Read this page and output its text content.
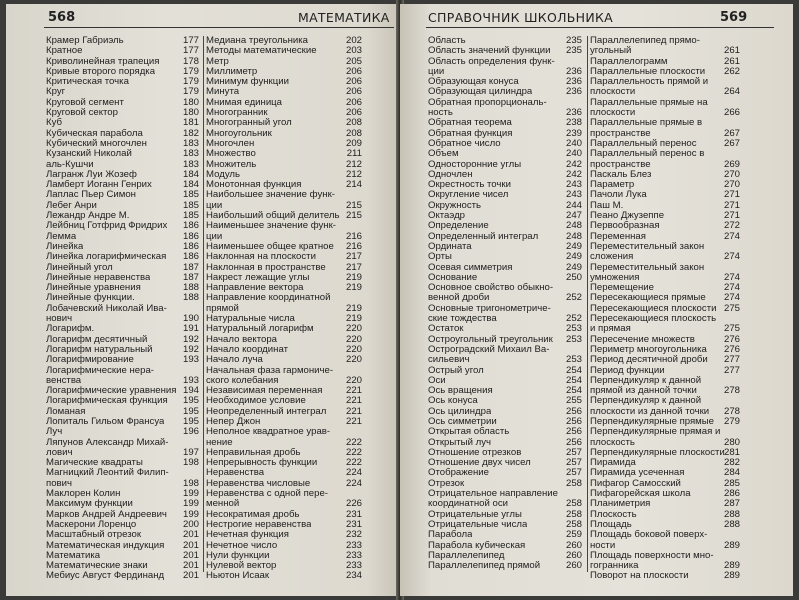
568	МАТЕМАТИКА
Крамер Габриэль	177
Кратное	177
Криволинейная трапеция 178
Кривые второго порядка	179
Критическая точка	179
Круг	179
Круговой сегмент	180
Круговой сектор	180
Куб	181
Кубическая парабола	182
Кубический многочлен	183
Кузанский Николай	183
аль-Кушчи	183
Лагранж Луи Жозеф	184
Ламберт Иоганн Генрих	184
Лаплас Пьер Симон	185
Лебег Анри	185
Лежандр Андре М.	185
Лейбниц Готфрид Фридрих 186
Лемма	186
Линейка	186
Линейка логарифмическая 186
Линейный угол	187
Линейные неравенства	187
Линейные уравнения	188
Линейные функции.	188
Лобачевский Николай Ива-
нович	190
Логарифм.	191
Логарифм десятичный	192
Логарифм натуральный	192
Логарифмирование	193
Логарифмические нера-
венства	193
Логарифмические уравнения 194
Логарифмическая функция 195
Ломаная	195
Лопиталь Гильом Франсуа 195
Луч	196
Ляпунов Александр Михай-
лович	197
Магические квадраты	198
Магницкий Леонтий Филип-
пович	198
Маклорен Колин	199
Максимум функции	199
Марков Андрей Андреевич 199
Маскерони Лоренцо	200
Масштабный отрезок	201
Математическая индукция 201
Математика	201
Математические знаки	201
Мебиус Август Фердинанд 201
Медиана треугольника	202
Методы математические	203
Метр	205
Миллиметр	206
Минимум функции	206
Минута	206
Мнимая единица	206
Многогранник	206
Многогранный угол	208
Многоугольник	208
Многочлен	209
Множество	211
Множитель	212
Модуль	212
Монотонная функция	214
Наибольшее значение функ-
ции	215
Наибольший общий делитель 215
Наименьшее значение функ-
ции	216
Наименьшее общее кратное 216
Наклонная на плоскости	217
Наклонная в пространстве 217
Накрест лежащие углы	219
Направление вектора	219
Направление координатной
прямой	219
Натуральные числа	219
Натуральный логарифм	220
Начало вектора	220
Начало координат	220
Начало луча	220
Начальная фаза гармониче-
ского колебания	220
Независимая переменная 221
Необходимое условие	221
Неопределенный интеграл 221
Непер Джон	221
Неполное квадратное урав-
нение	222
Неправильная дробь	222
Непрерывность функции	222
Неравенства	224
Неравенства числовые	224
Неравенства с одной пере-
менной	226
Несократимая дробь	231
Нестрогие неравенства	231
Нечетная функция	232
Нечетное число	233
Нули функции	233
Нулевой вектор	233
Ньютон Исаак	234
СПРАВОЧНИК ШКОЛЬНИКА	569
Область	235
Область значений функции 235
Область определения функ-
ции	236
Образующая конуса	236
Образующая цилиндра	236
Обратная пропорциональ-
ность	236
Обратная теорема	238
Обратная функция	239
Обратное число	240
Объем	240
Односторонние углы	242
Одночлен	242
Окрестность точки	243
Округление чисел	243
Окружность	244
Октаэдр	247
Определение	248
Определенный интеграл	248
Ордината	249
Орты	249
Осевая симметрия	249
Основание	250
Основное свойство обыкно-
венной дроби	252
Основные тригонометриче-
ские тождества	252
Остаток	253
Остроугольный треугольник 253
Остроградский Михаил Ва-
сильевич	253
Острый угол	254
Оси	254
Ось вращения	254
Ось конуса	255
Ось цилиндра	256
Ось симметрии	256
Открытая область	256
Открытый луч	256
Отношение отрезков	257
Отношение двух чисел	257
Отображение	257
Отрезок	258
Отрицательное направление
координатной оси	258
Отрицательные углы	258
Отрицательные числа	258
Парабола	259
Парабола кубическая	260
Параллелепипед	260
Параллелепипед прямой	260
Параллелепипед прямо-
угольный	261
Параллелограмм	261
Параллельные плоскости 262
Параллельность прямой и
плоскости	264
Параллельные прямые на
плоскости	266
Параллельные прямые в
пространстве	267
Параллельный перенос	267
Параллельный перенос в
пространстве	269
Паскаль Блез	270
Параметр	270
Пачоли Лука	271
Паш М.	271
Пеано Джузеппе	271
Первообразная	272
Переменная	274
Переместительный закон
сложения	274
Переместительный закон
умножения	274
Перемещение	274
Пересекающиеся прямые 274
Пересекающиеся плоскости 275
Пересекающиеся плоскость
и прямая	275
Пересечение множеств	276
Периметр многоугольника 276
Период десятичной дроби 277
Период функции	277
Перпендикуляр к данной
прямой из данной точки	278
Перпендикуляр к данной
плоскости из данной точки 278
Перпендикулярные прямые 279
Перпендикулярные прямая и
плоскость	280
Перпендикулярные плоскости 281
Пирамида	282
Пирамида усеченная	284
Пифагор Самосский	285
Пифагорейская школа	286
Планиметрия	287
Плоскость	288
Площадь	288
Площадь боковой поверх-
ности	289
Площадь поверхности мно-
гогранника	289
Поворот на плоскости	289
